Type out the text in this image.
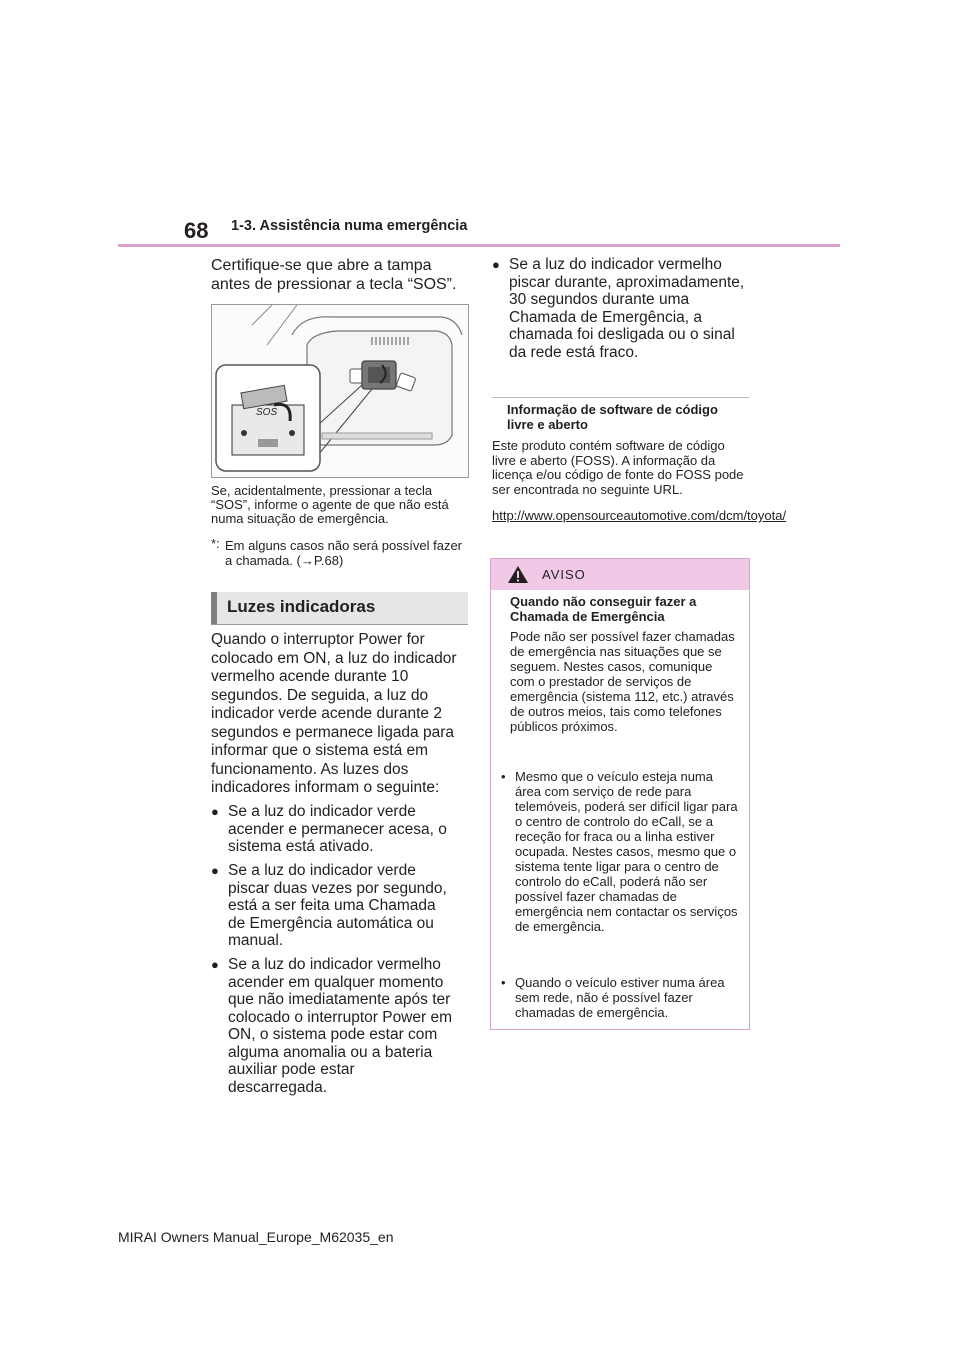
1-3. Assistência numa emergência
68
Certifique-se que abre a tampa antes de pressionar a tecla “SOS”.
SOS
Se, acidentalmente, pressionar a tecla “SOS”, informe o agente de que não está numa situação de emergência.
*: Em alguns casos não será possível fazer a chamada. (→P.68)
Luzes indicadoras
Quando o interruptor Power for colocado em ON, a luz do indicador vermelho acende durante 10 segundos. De seguida, a luz do indicador verde acende durante 2 segundos e permanece ligada para informar que o sistema está em funcionamento. As luzes dos indicadores informam o seguinte:
● Se a luz do indicador verde acender e permanecer acesa, o sistema está ativado.
● Se a luz do indicador verde piscar duas vezes por segundo, está a ser feita uma Chamada de Emergência automática ou manual.
● Se a luz do indicador vermelho acender em qualquer momento que não imediatamente após ter colocado o interruptor Power em ON, o sistema pode estar com alguma anomalia ou a bateria auxiliar pode estar descarregada.
● Se a luz do indicador vermelho piscar durante, aproximadamente, 30 segundos durante uma Chamada de Emergência, a chamada foi desligada ou o sinal da rede está fraco.
Informação de software de código livre e aberto
Este produto contém software de código livre e aberto (FOSS). A informação da licença e/ou código de fonte do FOSS pode ser encontrada no seguinte URL.
http://www.opensourceautomotive.com/dcm/toyota/
AVISO
Quando não conseguir fazer a Chamada de Emergência
Pode não ser possível fazer chamadas de emergência nas situações que se seguem. Nestes casos, comunique com o prestador de serviços de emergência (sistema 112, etc.) através de outros meios, tais como telefones públicos próximos.
• Mesmo que o veículo esteja numa área com serviço de rede para telemóveis, poderá ser difícil ligar para o centro de controlo do eCall, se a receção for fraca ou a linha estiver ocupada. Nestes casos, mesmo que o sistema tente ligar para o centro de controlo do eCall, poderá não ser possível fazer chamadas de emergência nem contactar os serviços de emergência.
• Quando o veículo estiver numa área sem rede, não é possível fazer chamadas de emergência.
MIRAI Owners Manual_Europe_M62035_en
